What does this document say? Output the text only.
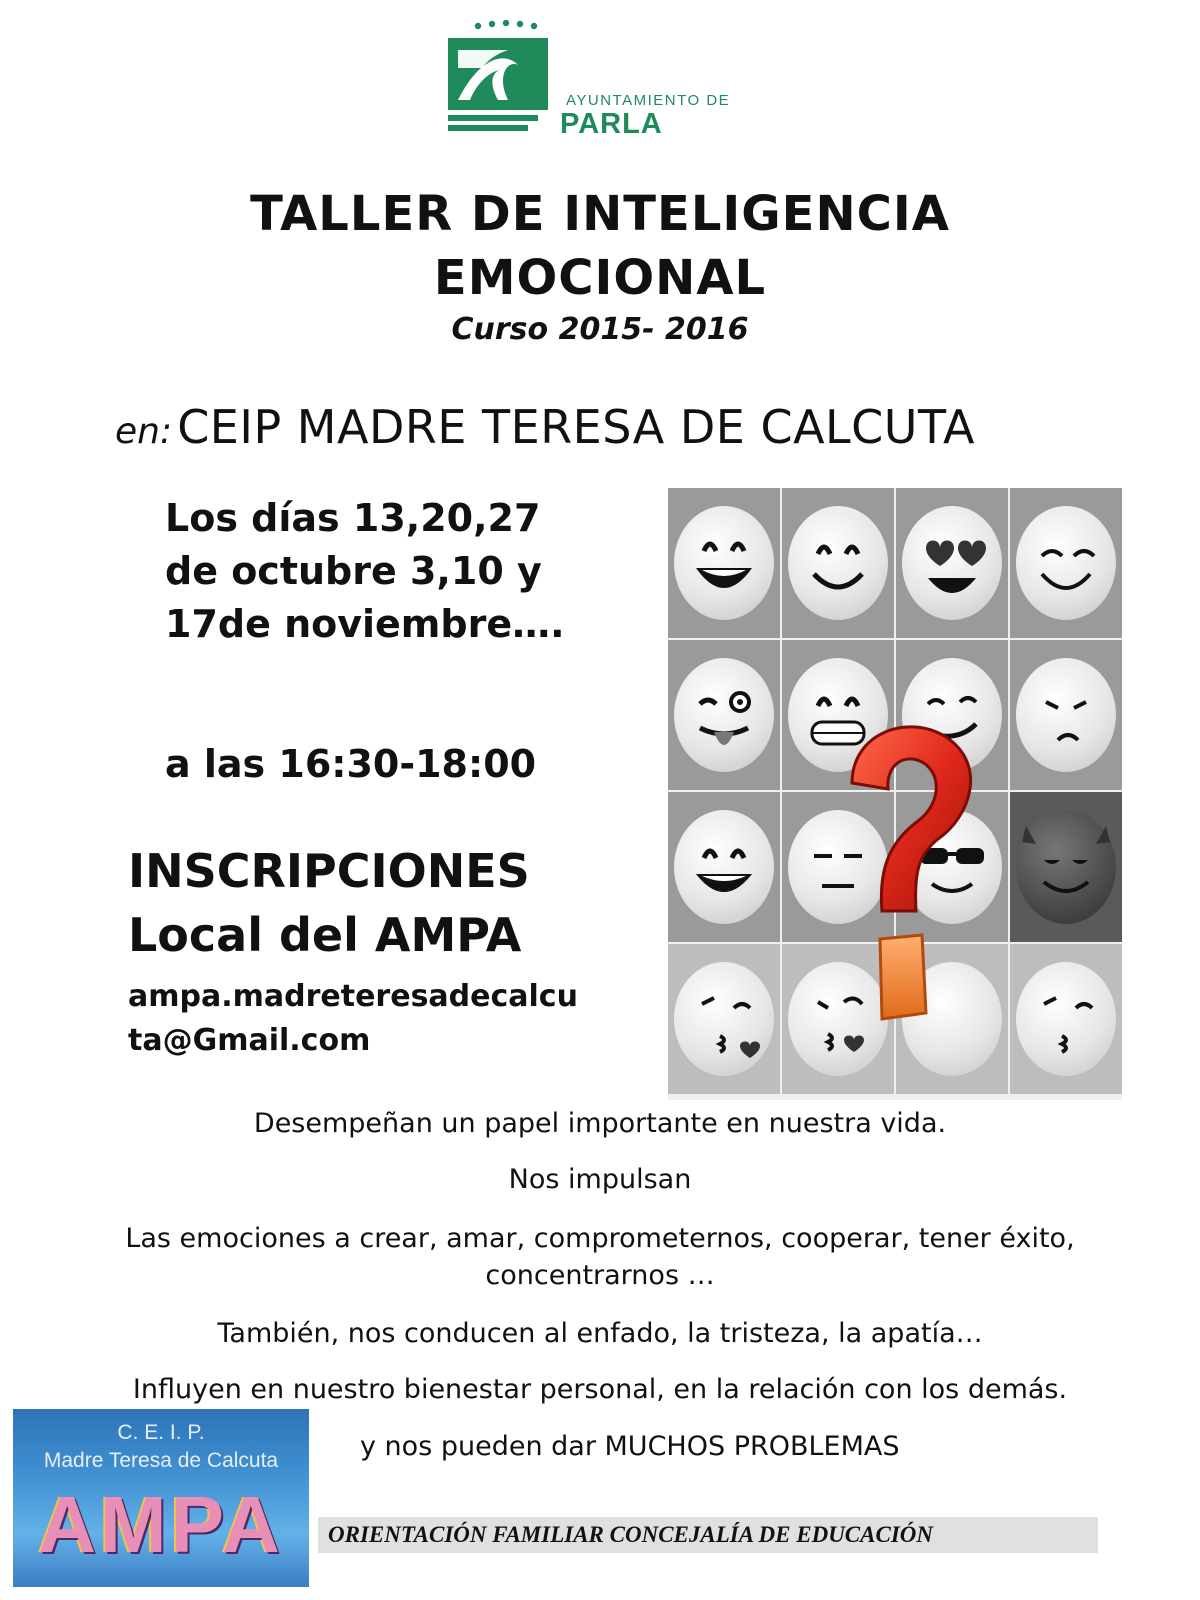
AYUNTAMIENTO DE
PARLA
TALLER DE INTELIGENCIA
EMOCIONAL
Curso 2015- 2016
en: CEIP MADRE TERESA DE CALCUTA
Los días 13,20,27
de octubre 3,10 y
17de noviembre….
a las 16:30-18:00
INSCRIPCIONES
Local del AMPA
ampa.madreteresadecalcuta@Gmail.com
Desempeñan un papel importante en nuestra vida.
Nos impulsan
Las emociones a crear, amar, comprometernos, cooperar, tener éxito, concentrarnos …
También, nos conducen al enfado, la tristeza, la apatía…
Influyen en nuestro bienestar personal, en la relación con los demás.
y nos pueden dar MUCHOS PROBLEMAS
C. E. I. P.
Madre Teresa de Calcuta
AMPA	ORIENTACIÓN FAMILIAR CONCEJALÍA DE EDUCACIÓN
